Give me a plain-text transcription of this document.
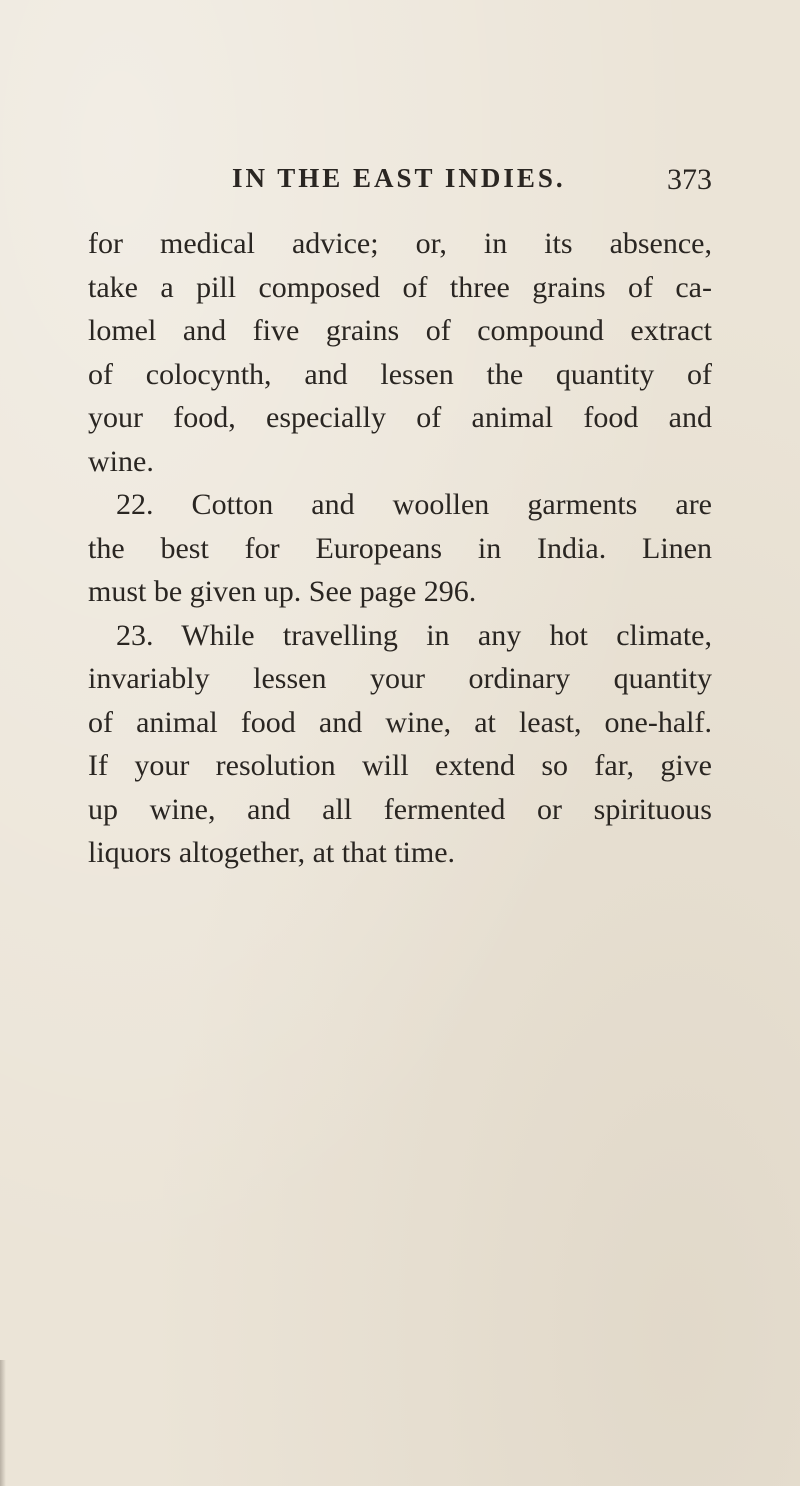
IN THE EAST INDIES.	373
for medical advice; or, in its absence,
take a pill composed of three grains of ca-
lomel and five grains of compound extract
of colocynth, and lessen the quantity of
your food, especially of animal food and
wine.
22. Cotton and woollen garments are
the best for Europeans in India. Linen
must be given up. See page 296.
23. While travelling in any hot climate,
invariably lessen your ordinary quantity
of animal food and wine, at least, one-half.
If your resolution will extend so far, give
up wine, and all fermented or spirituous
liquors altogether, at that time.
